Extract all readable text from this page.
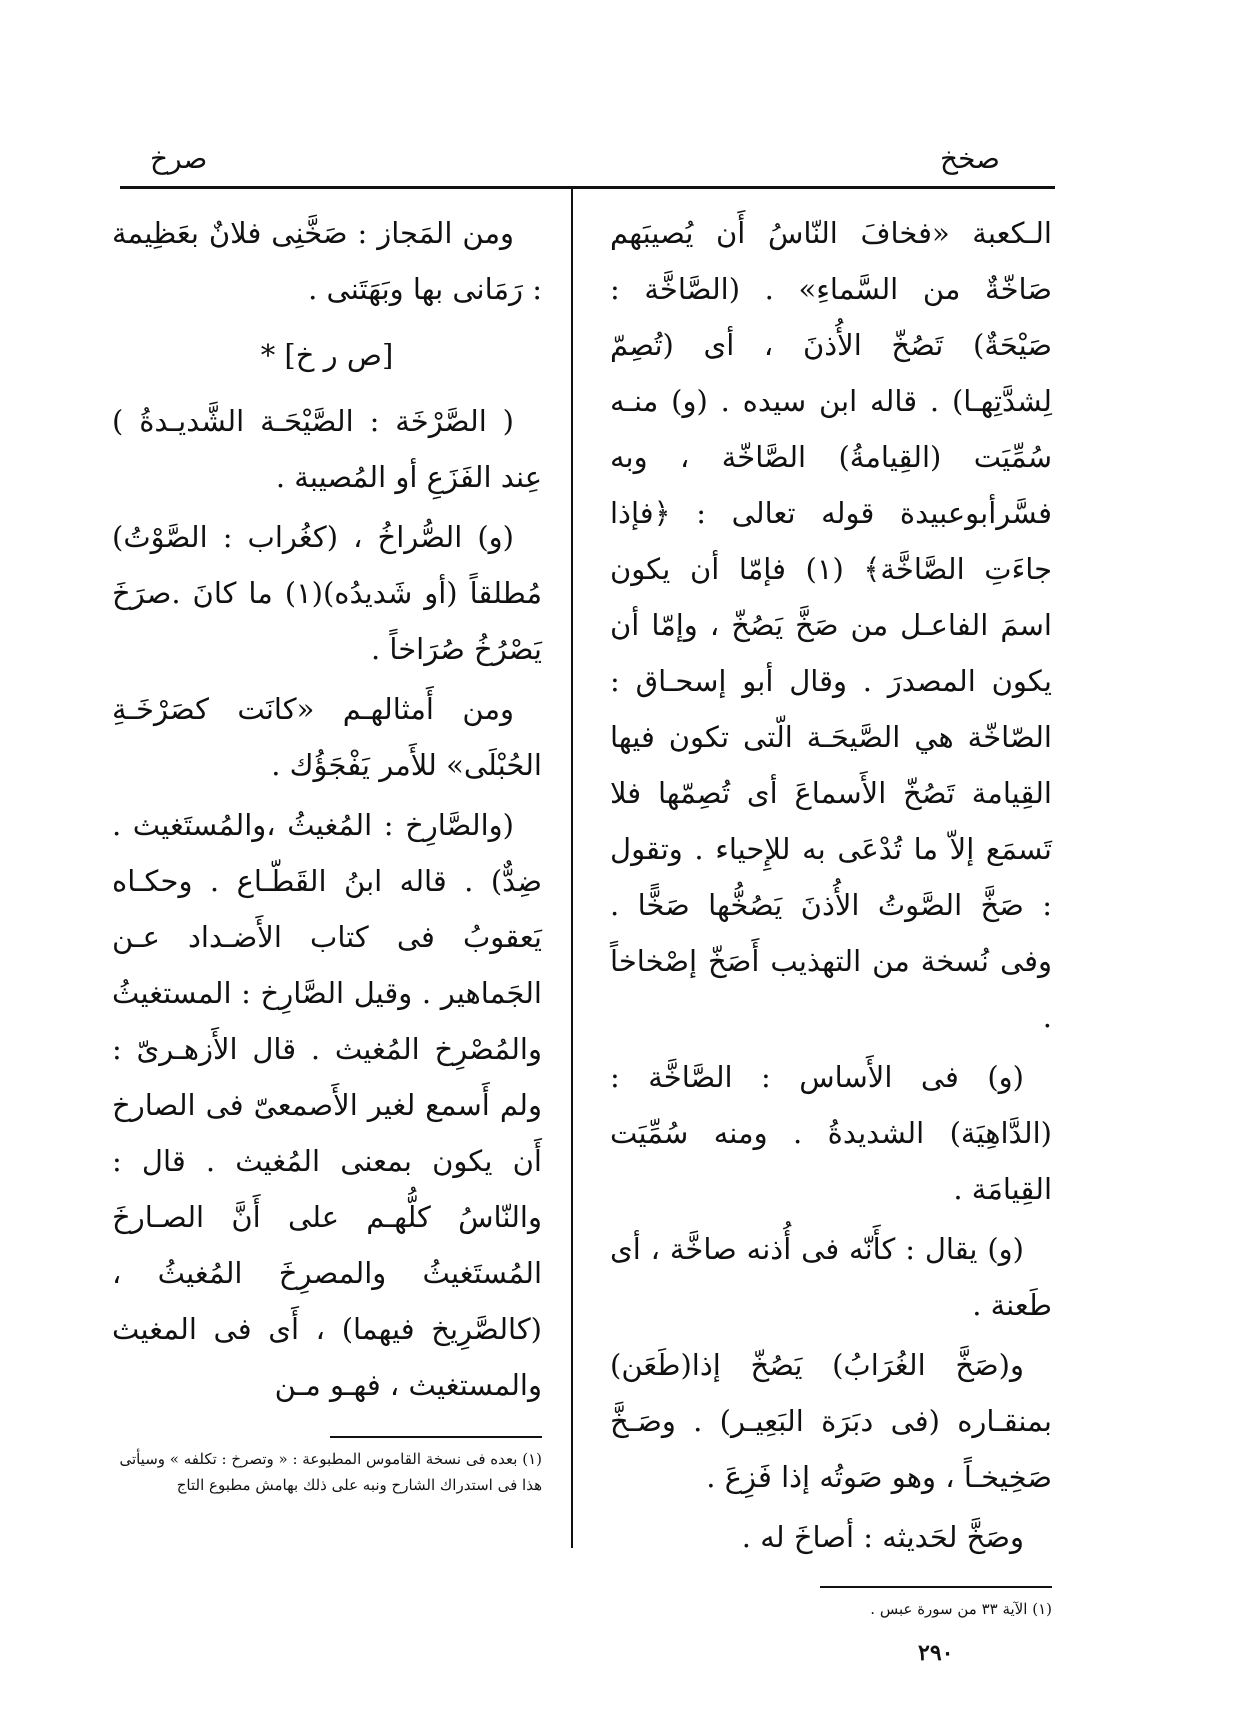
صخخ
صرخ

الـكعبة «فخافَ النّاسُ أَن يُصيبَهم صَاخّةٌ من السَّماءِ» . (الصَّاخَّة : صَيْحَةٌ) تَصُخّ الأُذنَ ، أى (تُصِمّ لِشدَّتِهـا) . قاله ابن سيده . (و) منـه سُمِّيَت (القِيامةُ) الصَّاخّة ، وبه فسَّرأبوعبيدة قوله تعالى : ﴿فإذا جاءَتِ الصَّاخَّة﴾ (١) فإمّا أن يكون اسمَ الفاعـل من صَخَّ يَصُخّ ، وإمّا أن يكون المصدرَ . وقال أبو إسحـاق : الصّاخّة هي الصَّيحَـة الّتى تكون فيها القِيامة تَصُخّ الأَسماعَ أى تُصِمّها فلا تَسمَع إلاّ ما تُدْعَى به للإِحياء . وتقول : صَخَّ الصَّوتُ الأُذنَ يَصُخُّها صَخًّا . وفى نُسخة من التهذيب أَصَخّ إصْخاخاً .

(و) فى الأَساس : الصَّاخَّة : (الدَّاهِيَة) الشديدةُ . ومنه سُمِّيَت القِيامَة .

(و) يقال : كأَنّه فى أُذنه صاخَّة ، أى طَعنة .

و(صَخَّ الغُرَابُ) يَصُخّ إذا(طَعَن) بمنقـاره (فى دبَرَة البَعِيـر) . وصَـخَّ صَخِيخـاً ، وهو صَوتُه إذا فَزِعَ .

وصَخَّ لحَديثه : أصاخَ له .

ومن المَجاز : صَخَّنِى فلانٌ بعَظِيمة : رَمَانى بها وبَهَتَنى .

[ص ر خ] *

( الصَّرْخَة : الصَّيْحَـة الشَّديـدةُ ) عِند الفَزَعِ أو المُصيبة .

(و) الصُّراخُ ، (كغُراب : الصَّوْتُ) مُطلقاً (أو شَديدُه)(١) ما كانَ .صرَخَ يَصْرُخُ صُرَاخاً .

ومن أَمثالهـم «كانَت كصَرْخَـةِ الحُبْلَى» للأَمر يَفْجَؤُك .

(والصَّارِخ : المُغيثُ ،والمُستَغيث . ضِدٌّ) . قاله ابنُ القَطّـاع . وحكـاه يَعقوبُ فى كتاب الأَضـداد عـن الجَماهير . وقيل الصَّارِخ : المستغيثُ والمُصْرِخ المُغيث . قال الأَزهـرىّ : ولم أَسمع لغير الأَصمعىّ فى الصارخ أَن يكون بمعنى المُغيث . قال : والنّاسُ كلُّهـم على أَنَّ الصـارخَ المُستَغيثُ والمصرِخَ المُغيثُ ،(كالصَّرِيخ فيهما) ، أَى فى المغيث والمستغيث ، فهـو مـن

(١) بعده فى نسخة القاموس المطبوعة : « وتصرخ : تكلفه » وسيأتى هذا فى استدراك الشارح ونبه على ذلك بهامش مطبوع التاج
(١) الآية ٣٣ من سورة عبس .
٢٩٠
